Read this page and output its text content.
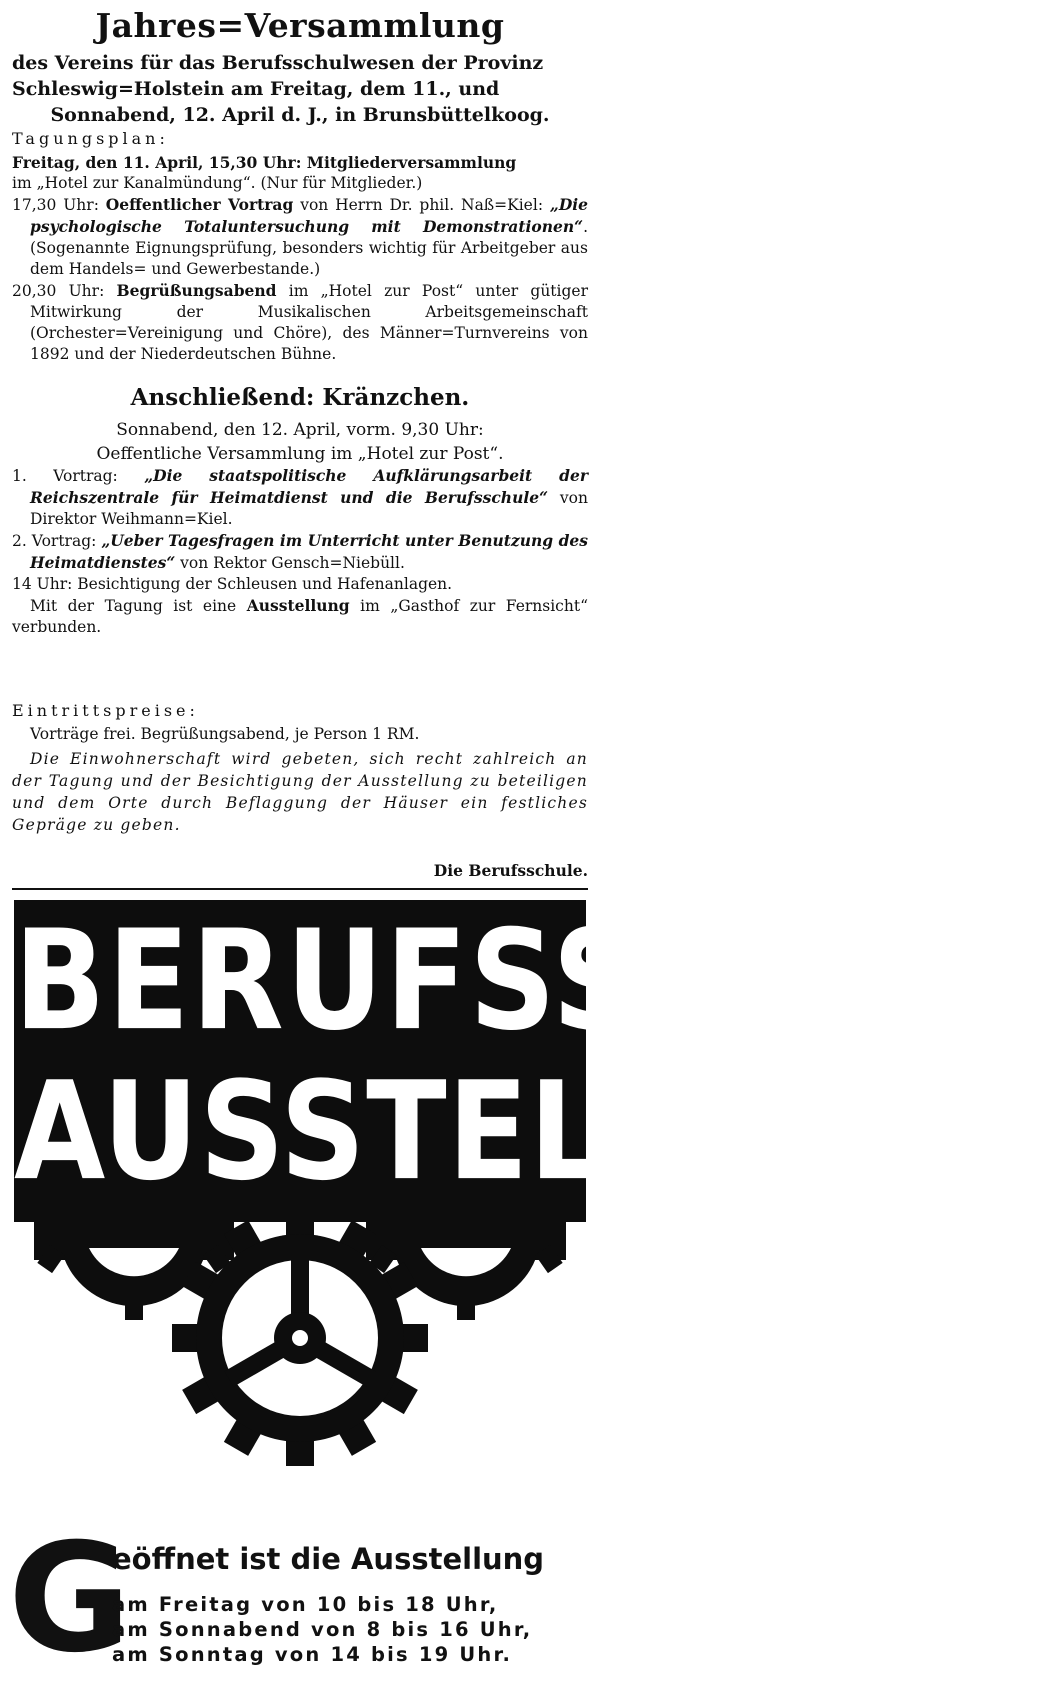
Jahres=Versammlung
des Vereins für das Berufsschulwesen der Provinz
Schleswig=Holstein am Freitag, dem 11., und
Sonnabend, 12. April d. J., in Brunsbüttelkoog.
Tagungsplan:
Freitag, den 11. April, 15,30 Uhr: Mitgliederversammlung
im „Hotel zur Kanalmündung“. (Nur für Mitglieder.)
17,30 Uhr: Oeffentlicher Vortrag von Herrn Dr. phil. Naß=Kiel: „Die psychologische Totaluntersuchung mit Demonstrationen“. (Sogenannte Eignungsprüfung, besonders wichtig für Arbeitgeber aus dem Handels= und Gewerbestande.)
20,30 Uhr: Begrüßungsabend im „Hotel zur Post“ unter gütiger Mitwirkung der Musikalischen Arbeitsgemeinschaft (Orchester=Vereinigung und Chöre), des Männer=Turnvereins von 1892 und der Niederdeutschen Bühne.
Anschließend: Kränzchen.
Sonnabend, den 12. April, vorm. 9,30 Uhr:
Oeffentliche Versammlung im „Hotel zur Post“.
1. Vortrag: „Die staatspolitische Aufklärungsarbeit der Reichszentrale für Heimatdienst und die Berufsschule“ von Direktor Weihmann=Kiel.
2. Vortrag: „Ueber Tagesfragen im Unterricht unter Benutzung des Heimatdienstes“ von Rektor Gensch=Niebüll.
14 Uhr: Besichtigung der Schleusen und Hafenanlagen.
Mit der Tagung ist eine Ausstellung im „Gasthof zur Fernsicht“ verbunden.
Eintrittspreise:
Vorträge frei. Begrüßungsabend, je Person 1 RM.
Die Einwohnerschaft wird gebeten, sich recht zahlreich an der Tagung und der Besichtigung der Ausstellung zu beteiligen und dem Orte durch Beflaggung der Häuser ein festliches Gepräge zu geben.
Die Berufsschule.
BERUFSSCHUL-
AUSSTELLUNG
G
eöffnet ist die Ausstellung
am Freitag von 10 bis 18 Uhr,
am Sonnabend von 8 bis 16 Uhr,
am Sonntag von 14 bis 19 Uhr.
